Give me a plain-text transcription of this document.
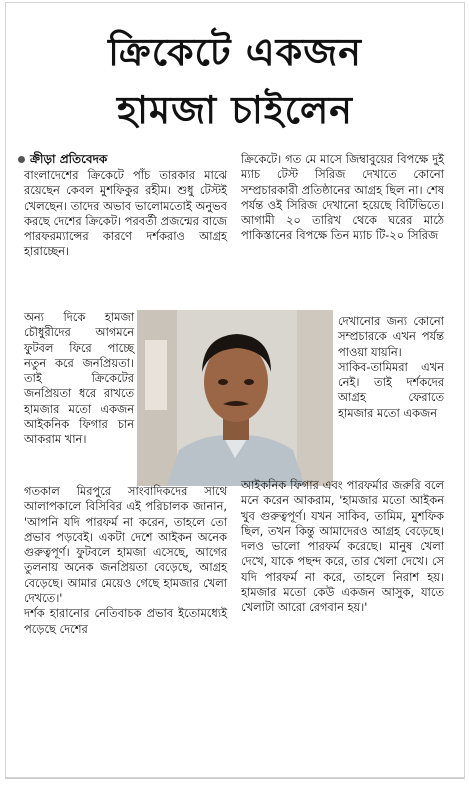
ক্রিকেটে একজন
হামজা চাইলেন
ক্রীড়া প্রতিবেদক

বাংলাদেশের ক্রিকেটে পাঁচ তারকার মাঝে রয়েছেন কেবল মুশফিকুর রহীম। শুধু টেস্টই খেলছেন। তাদের অভাব ভালোমতোই অনুভব করছে দেশের ক্রিকেট। পরবর্তী প্রজন্মের বাজে পারফরম্যান্সের কারণে দর্শকরাও আগ্রহ হারাচ্ছেন।

অন্য দিকে হামজা চৌধুরীদের আগমনে ফুটবল ফিরে পাচ্ছে নতুন করে জনপ্রিয়তা। তাই ক্রিকেটের জনপ্রিয়তা ধরে রাখতে হামজার মতো একজন আইকনিক ফিগার চান আকরাম খান।

গতকাল মিরপুরে সাংবাদিকদের সাথে আলাপকালে বিসিবির এই পরিচালক জানান, 'আপনি যদি পারফর্ম না করেন, তাহলে তো প্রভাব পড়বেই। একটা দেশে আইকন অনেক গুরুত্বপূর্ণ। ফুটবলে হামজা এসেছে, আগের তুলনায় অনেক জনপ্রিয়তা বেড়েছে, আগ্রহ বেড়েছে। আমার মেয়েও গেছে হামজার খেলা দেখতে।'

দর্শক হারানোর নেতিবাচক প্রভাব ইতোমধ্যেই পড়েছে দেশের

ক্রিকেটে। গত মে মাসে জিম্বাবুয়ের বিপক্ষে দুই ম্যাচ টেস্ট সিরিজ দেখাতে কোনো সম্প্রচারকারী প্রতিষ্ঠানের আগ্রহ ছিল না। শেষ পর্যন্ত ওই সিরিজ দেখানো হয়েছে বিটিভিতে। আগামী ২০ তারিখ থেকে ঘরের মাঠে পাকিস্তানের বিপক্ষে তিন ম্যাচ টি-২০ সিরিজ

দেখানোর জন্য কোনো সম্প্রচারকে এখন পর্যন্ত পাওয়া যায়নি।

সাকিব-তামিমরা এখন নেই। তাই দর্শকদের আগ্রহ ফেরাতে হামজার মতো একজন

আইকনিক ফিগার এবং পারফর্মার জরুরি বলে মনে করেন আকরাম, 'হামজার মতো আইকন খুব গুরুত্বপূর্ণ। যখন সাকিব, তামিম, মুশফিক ছিল, তখন কিন্তু আমাদেরও আগ্রহ বেড়েছে। দলও ভালো পারফর্ম করেছে। মানুষ খেলা দেখে, যাকে পছন্দ করে, তার খেলা দেখে। সে যদি পারফর্ম না করে, তাহলে নিরাশ হয়। হামজার মতো কেউ একজন আসুক, যাতে খেলাটা আরো রেগবান হয়।'
